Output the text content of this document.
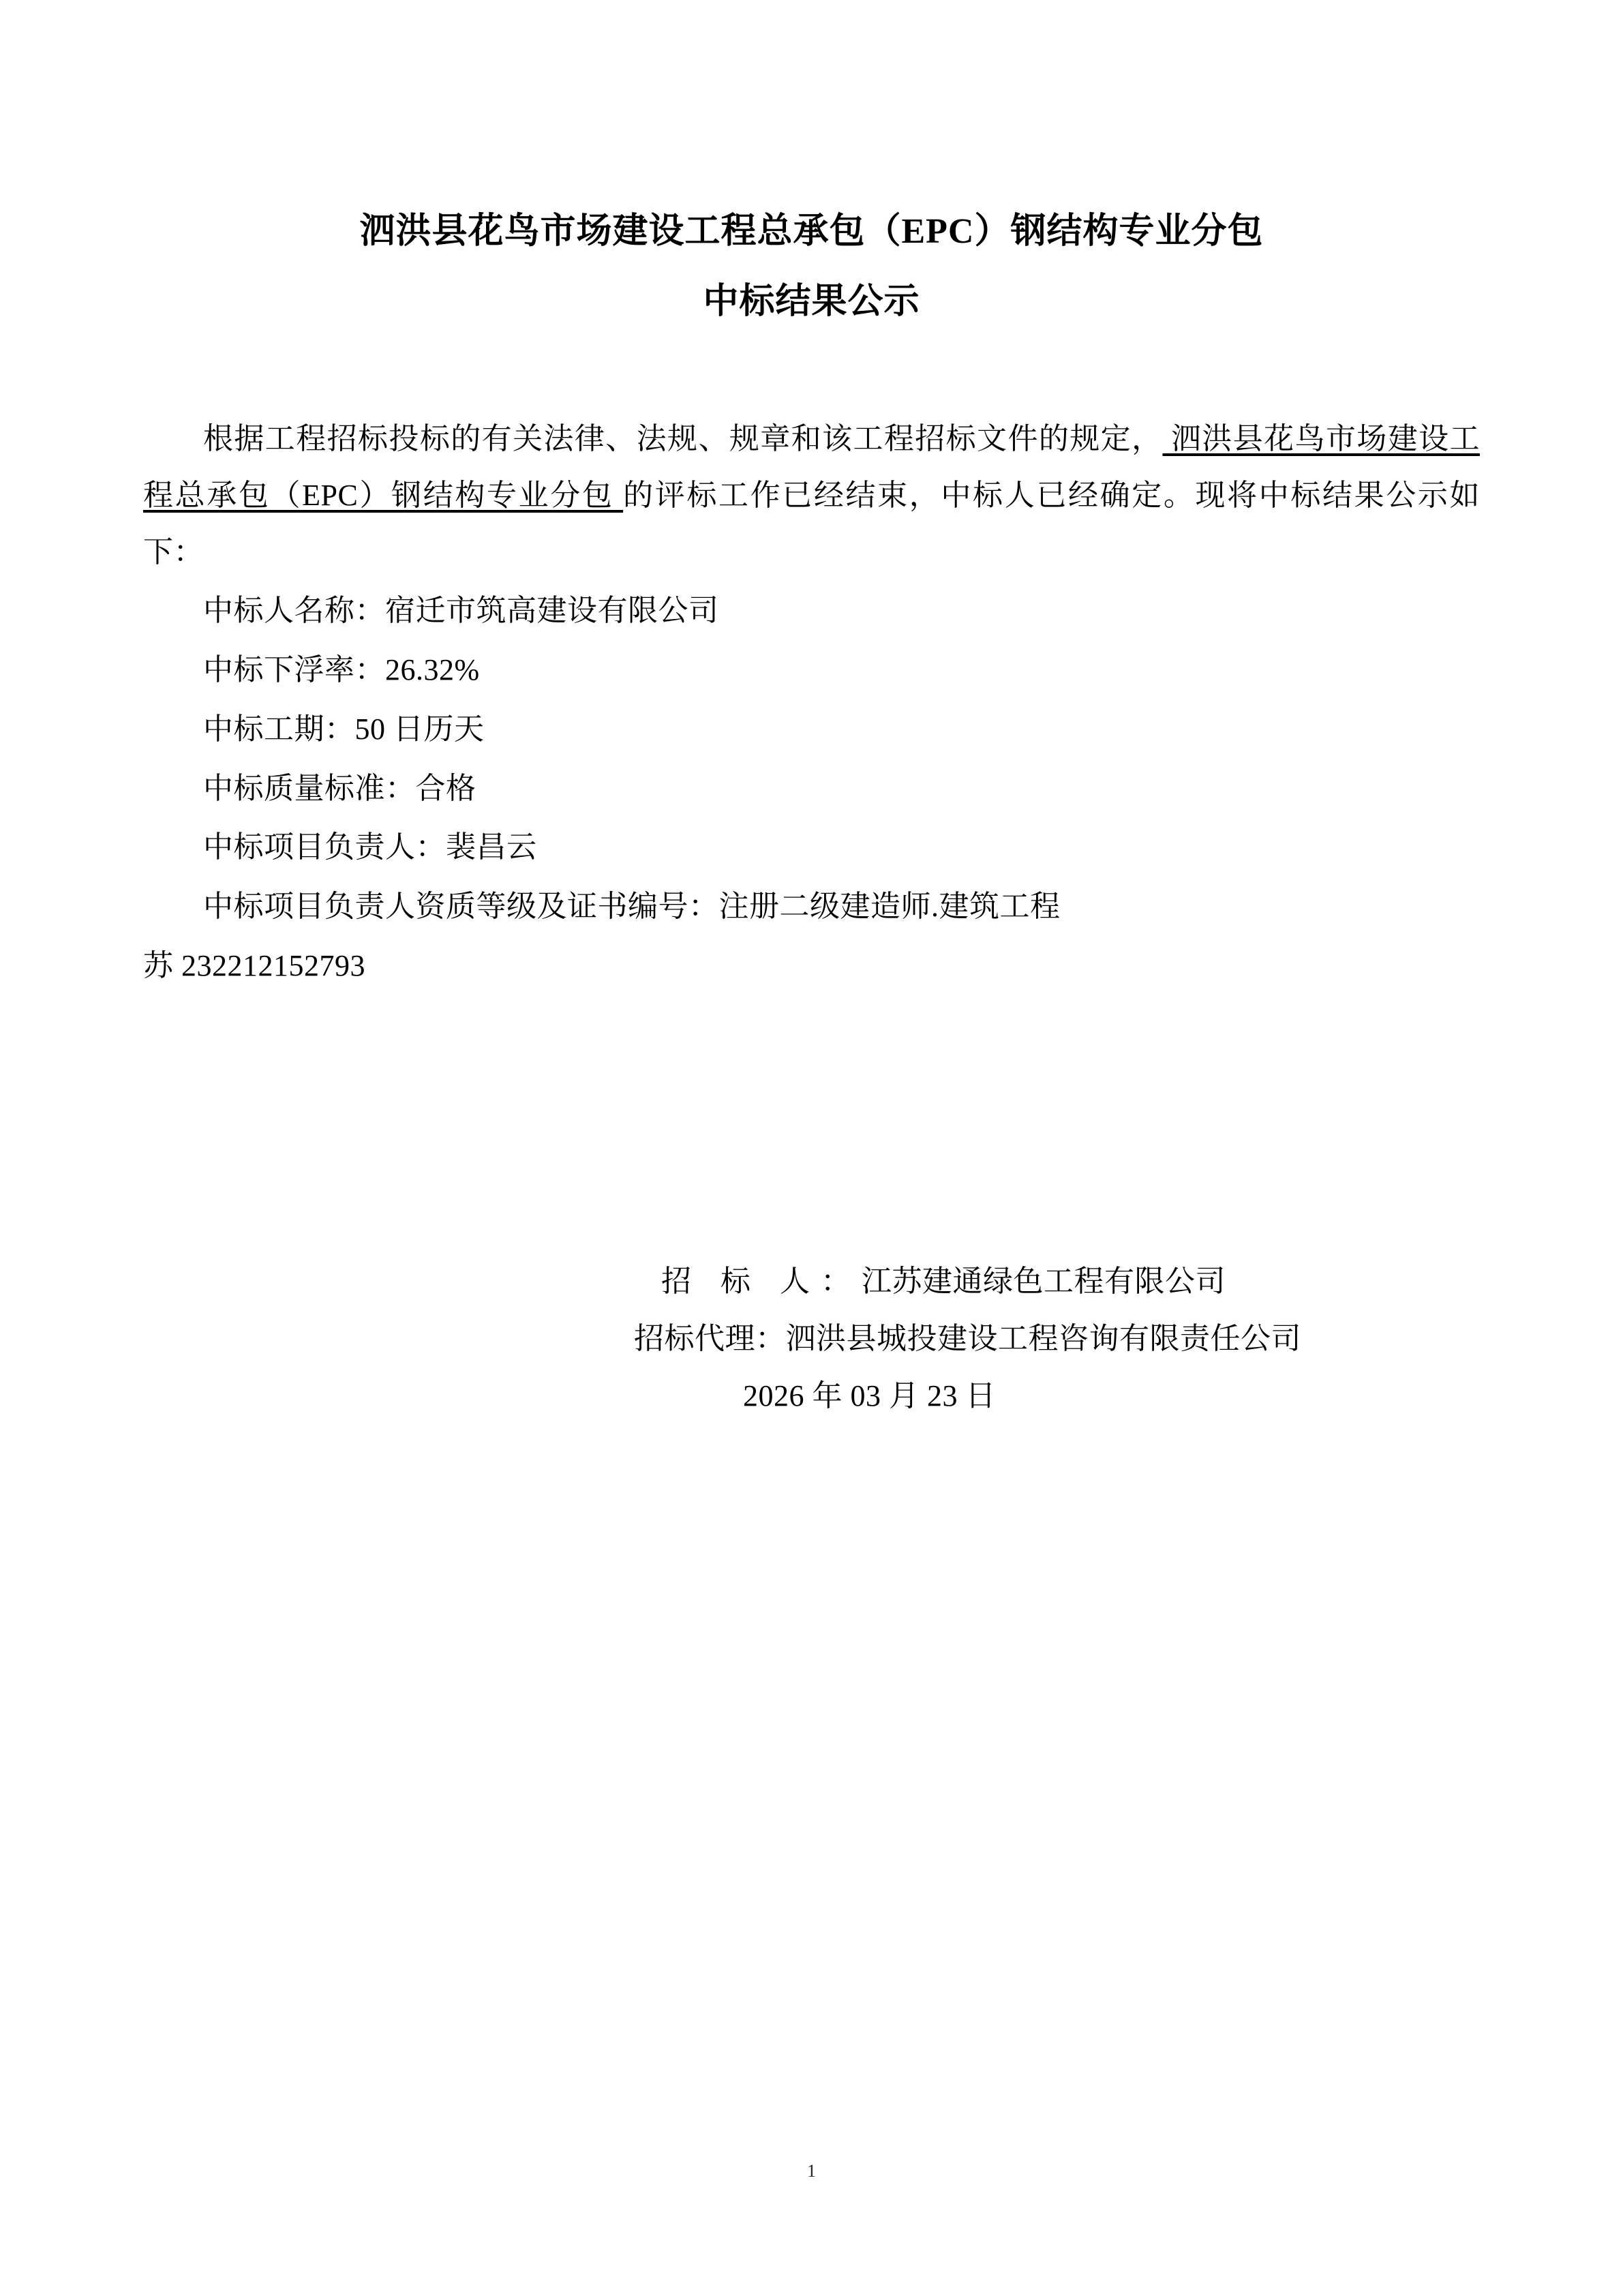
泗洪县花鸟市场建设工程总承包（EPC）钢结构专业分包
中标结果公示
根据工程招标投标的有关法律、法规、规章和该工程招标文件的规定， 泗洪县花鸟市场建设工程总承包（EPC）钢结构专业分包 的评标工作已经结束，中标人已经确定。现将中标结果公示如下：
中标人名称：宿迁市筑高建设有限公司
中标下浮率：26.32%
中标工期：50 日历天
中标质量标准：合格
中标项目负责人：裴昌云
中标项目负责人资质等级及证书编号：注册二级建造师.建筑工程
苏 232212152793
招 标 人：江苏建通绿色工程有限公司
招标代理：泗洪县城投建设工程咨询有限责任公司
2026 年 03 月 23 日
1
